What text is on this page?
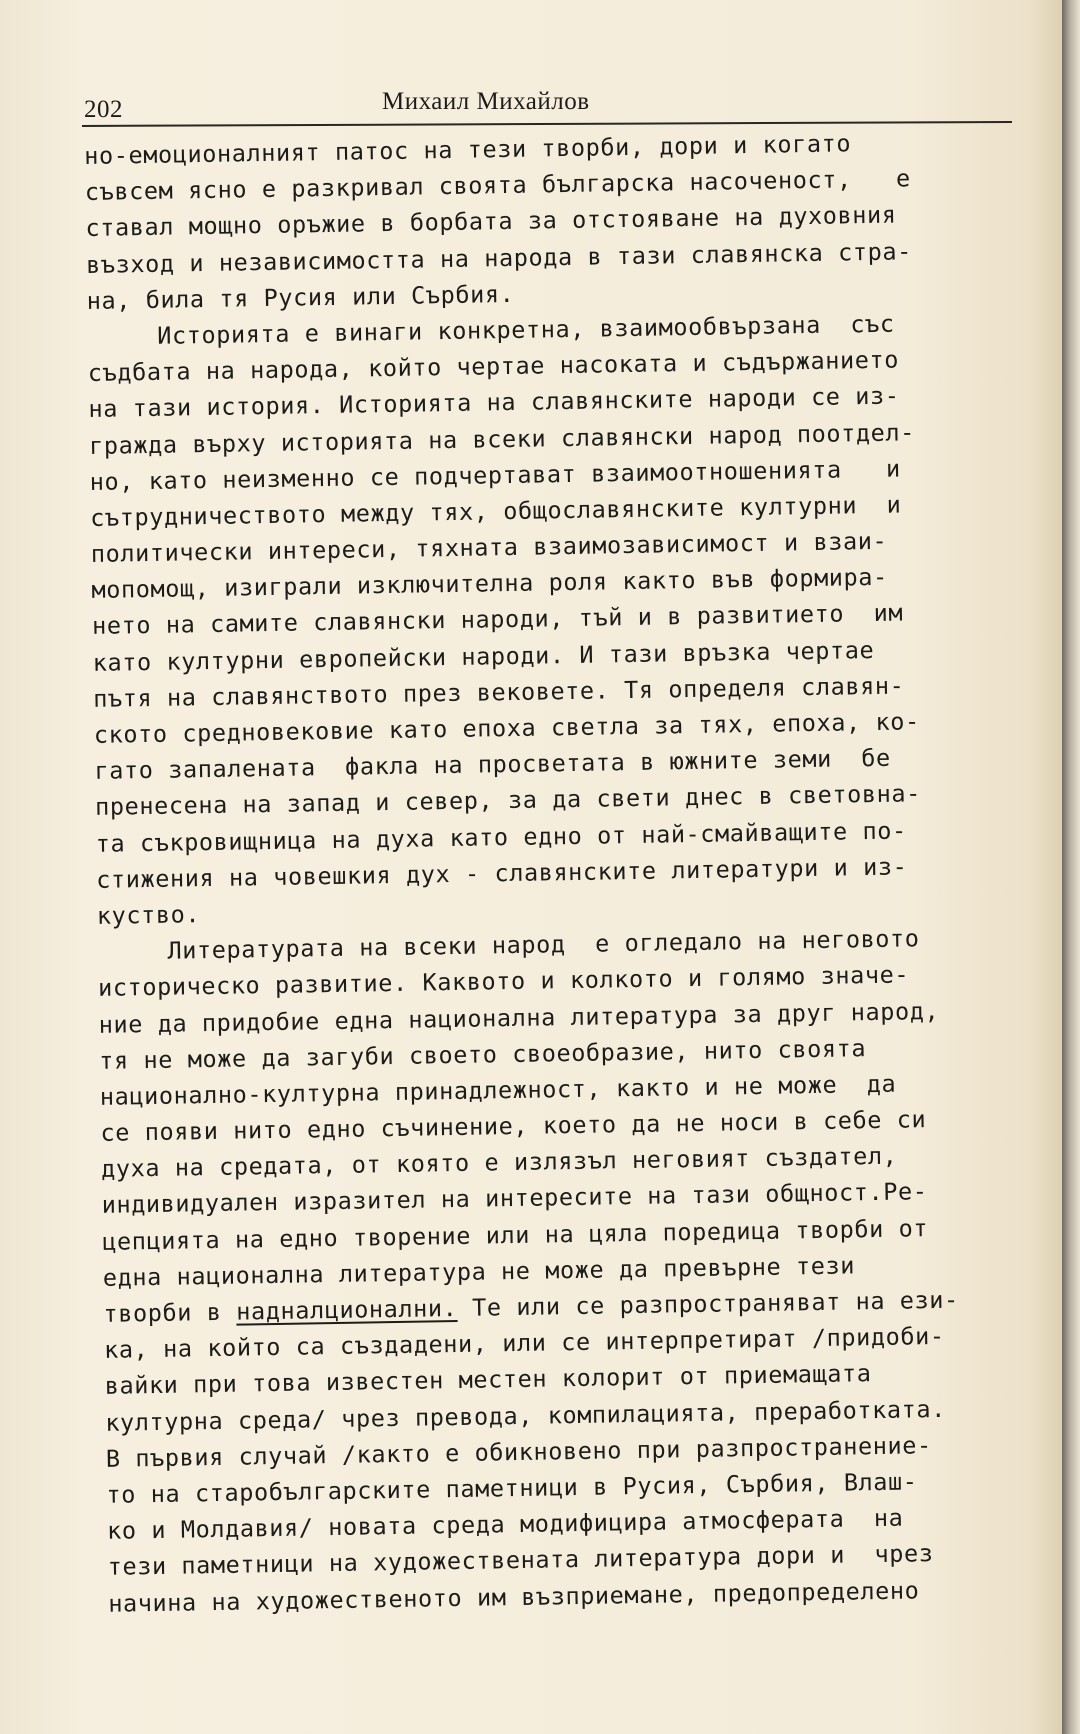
202	Михаил Михайлов
но-емоционалният патос на тези творби, дори и когато
съвсем ясно е разкривал своята българска насоченост,   е
ставал мощно оръжие в борбата за отстояване на духовния
възход и независимостта на народа в тази славянска стра-
на, била тя Русия или Сърбия.
Историята е винаги конкретна, взаимообвързана  със
съдбата на народа, който чертае насоката и съдържанието
на тази история. Историята на славянските народи се из-
гражда върху историята на всеки славянски народ поотдел-
но, като неизменно се подчертават взаимоотношенията   и
сътрудничеството между тях, общославянските културни  и
политически интереси, тяхната взаимозависимост и взаи-
мопомощ, изиграли изключителна роля както във формира-
нето на самите славянски народи, тъй и в развитието  им
като културни европейски народи. И тази връзка чертае
пътя на славянството през вековете. Тя определя славян-
ското средновековие като епоха светла за тях, епоха, ко-
гато запалената  факла на просветата в южните земи  бе
пренесена на запад и север, за да свети днес в световна-
та съкровищница на духа като едно от най-смайващите по-
стижения на човешкия дух - славянските литератури и из-
куство.
Литературата на всеки народ  е огледало на неговото
историческо развитие. Каквото и колкото и голямо значе-
ние да придобие една национална литература за друг народ,
тя не може да загуби своето своеобразие, нито своята
национално-културна принадлежност, както и не може  да
се появи нито едно съчинение, което да не носи в себе си
духа на средата, от която е излязъл неговият създател,
индивидуален изразител на интересите на тази общност.Ре-
цепцията на едно творение или на цяла поредица творби от
една национална литература не може да превърне тези
творби в надналционални. Те или се разпространяват на ези-
ка, на който са създадени, или се интерпретират /придоби-
вайки при това известен местен колорит от приемащата
културна среда/ чрез превода, компилацията, преработката.
В първия случай /както е обикновено при разпространение-
то на старобългарските паметници в Русия, Сърбия, Влаш-
ко и Молдавия/ новата среда модифицира атмосферата  на
тези паметници на художествената литература дори и  чрез
начина на художественото им възприемане, предопределено
